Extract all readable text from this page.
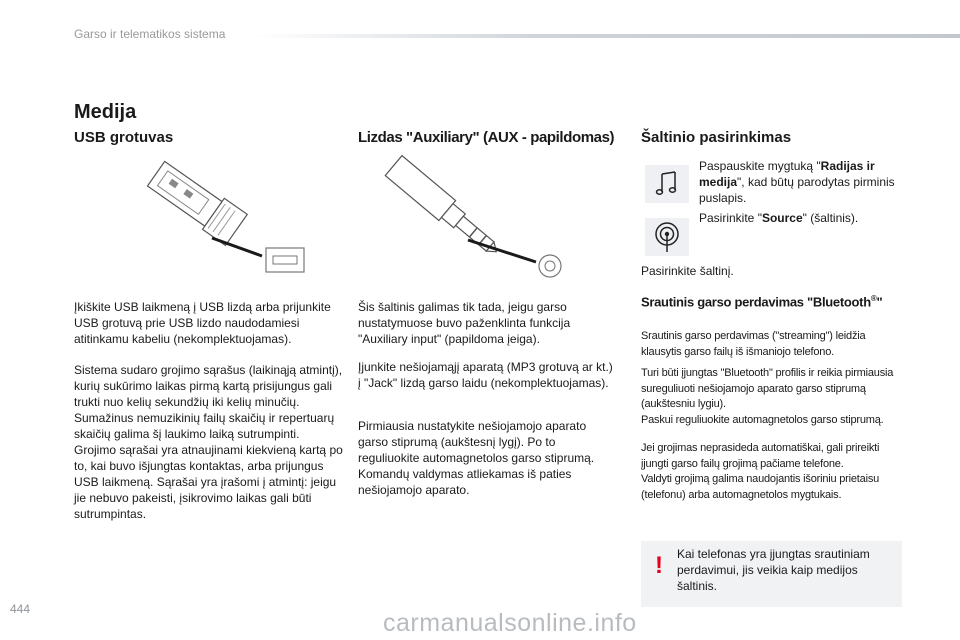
Garso ir telematikos sistema
Medija
USB grotuvas

Įkiškite USB laikmeną į USB lizdą arba prijunkite USB grotuvą prie USB lizdo naudodamiesi atitinkamu kabeliu (nekomplektuojamas).

Sistema sudaro grojimo sąrašus (laikinąją atmintį), kurių sukūrimo laikas pirmą kartą prisijungus gali trukti nuo kelių sekundžių iki kelių minučių.
Sumažinus nemuzikinių failų skaičių ir repertuarų skaičių galima šį laukimo laiką sutrumpinti.
Grojimo sąrašai yra atnaujinami kiekvieną kartą po to, kai buvo išjungtas kontaktas, arba prijungus USB laikmeną. Sąrašai yra įrašomi į atmintį: jeigu jie nebuvo pakeisti, įsikrovimo laikas gali būti sutrumpintas.

Lizdas "Auxiliary" (AUX - papildomas)

Šis šaltinis galimas tik tada, jeigu garso nustatymuose buvo paženklinta funkcija "Auxiliary input" (papildoma įeiga).

Įjunkite nešiojamąjį aparatą (MP3 grotuvą ar kt.) į "Jack" lizdą garso laidu (nekomplektuojamas).

Pirmiausia nustatykite nešiojamojo aparato garso stiprumą (aukštesnį lygį). Po to reguliuokite automagnetolos garso stiprumą.
Komandų valdymas atliekamas iš paties nešiojamojo aparato.

Šaltinio pasirinkimas

Paspauskite mygtuką "Radijas ir medija", kad būtų parodytas pirminis puslapis.

Pasirinkite "Source" (šaltinis).

Pasirinkite šaltinį.

Srautinis garso perdavimas "Bluetooth®"

Srautinis garso perdavimas ("streaming") leidžia klausytis garso failų iš išmaniojo telefono.

Turi būti įjungtas "Bluetooth" profilis ir reikia pirmiausia sureguliuoti nešiojamojo aparato garso stiprumą (aukštesniu lygiu).
Paskui reguliuokite automagnetolos garso stiprumą.

Jei grojimas neprasideda automatiškai, gali prireikti įjungti garso failų grojimą pačiame telefone.
Valdyti grojimą galima naudojantis išoriniu prietaisu (telefonu) arba automagnetolos mygtukais.

! Kai telefonas yra įjungtas srautiniam perdavimui, jis veikia kaip medijos šaltinis.

444	carmanualsonline.info
